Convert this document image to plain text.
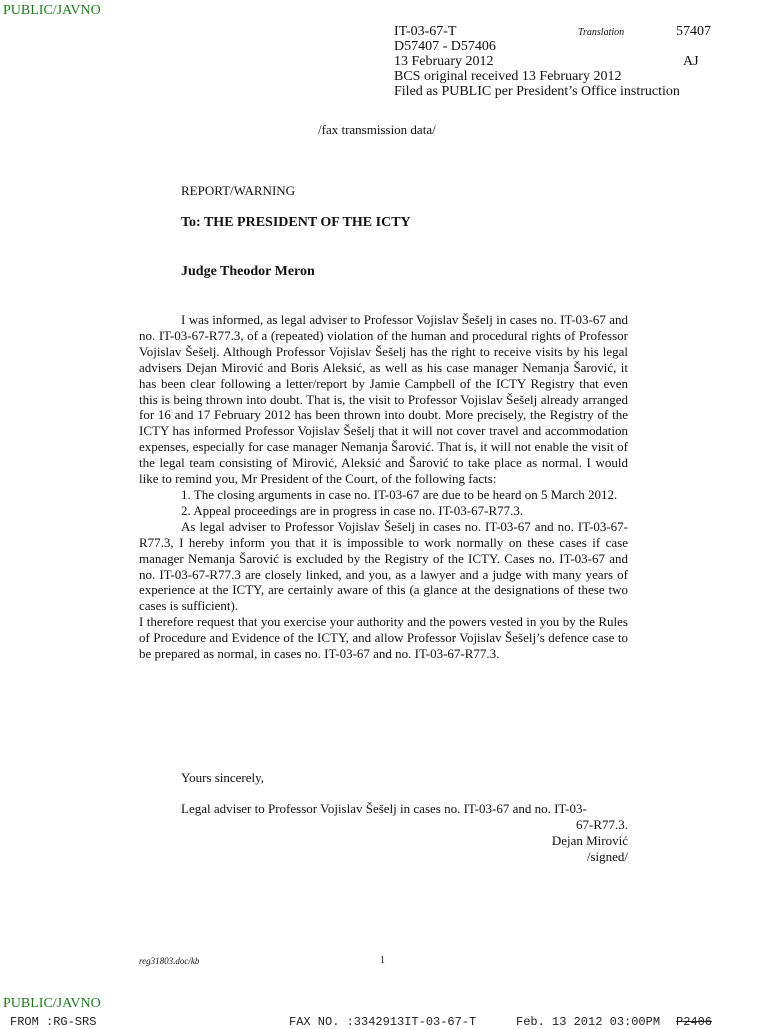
PUBLIC/JAVNO
IT-03-67-T
D57407 - D57406
13 February 2012
BCS original received 13 February 2012
Filed as PUBLIC per President’s Office instruction
Translation	57407
AJ
/fax transmission data/
REPORT/WARNING
To: THE PRESIDENT OF THE ICTY
Judge Theodor Meron

I was informed, as legal adviser to Professor Vojislav Šešelj in cases no. IT-03-67 and no. IT-03-67-R77.3, of a (repeated) violation of the human and procedural rights of Professor Vojislav Šešelj. Although Professor Vojislav Šešelj has the right to receive visits by his legal advisers Dejan Mirović and Boris Aleksić, as well as his case manager Nemanja Šarović, it has been clear following a letter/report by Jamie Campbell of the ICTY Registry that even this is being thrown into doubt. That is, the visit to Professor Vojislav Šešelj already arranged for 16 and 17 February 2012 has been thrown into doubt. More precisely, the Registry of the ICTY has informed Professor Vojislav Šešelj that it will not cover travel and accommodation expenses, especially for case manager Nemanja Šarović. That is, it will not enable the visit of the legal team consisting of Mirović, Aleksić and Šarović to take place as normal. I would like to remind you, Mr President of the Court, of the following facts:

1. The closing arguments in case no. IT-03-67 are due to be heard on 5 March 2012.

2. Appeal proceedings are in progress in case no. IT-03-67-R77.3.

As legal adviser to Professor Vojislav Šešelj in cases no. IT-03-67 and no. IT-03-67-R77.3, I hereby inform you that it is impossible to work normally on these cases if case manager Nemanja Šarović is excluded by the Registry of the ICTY. Cases no. IT-03-67 and no. IT-03-67-R77.3 are closely linked, and you, as a lawyer and a judge with many years of experience at the ICTY, are certainly aware of this (a glance at the designations of these two cases is sufficient).

I therefore request that you exercise your authority and the powers vested in you by the Rules of Procedure and Evidence of the ICTY, and allow Professor Vojislav Šešelj’s defence case to be prepared as normal, in cases no. IT-03-67 and no. IT-03-67-R77.3.

Yours sincerely,
Legal adviser to Professor Vojislav Šešelj in cases no. IT-03-67 and no. IT-03-
67-R77.3.
Dejan Mirović
/signed/
reg31803.doc/kb	1
PUBLIC/JAVNO
FROM :RG-SRS	FAX NO. :3342913IT-03-67-T	Feb. 13 2012 03:00PM P2406
